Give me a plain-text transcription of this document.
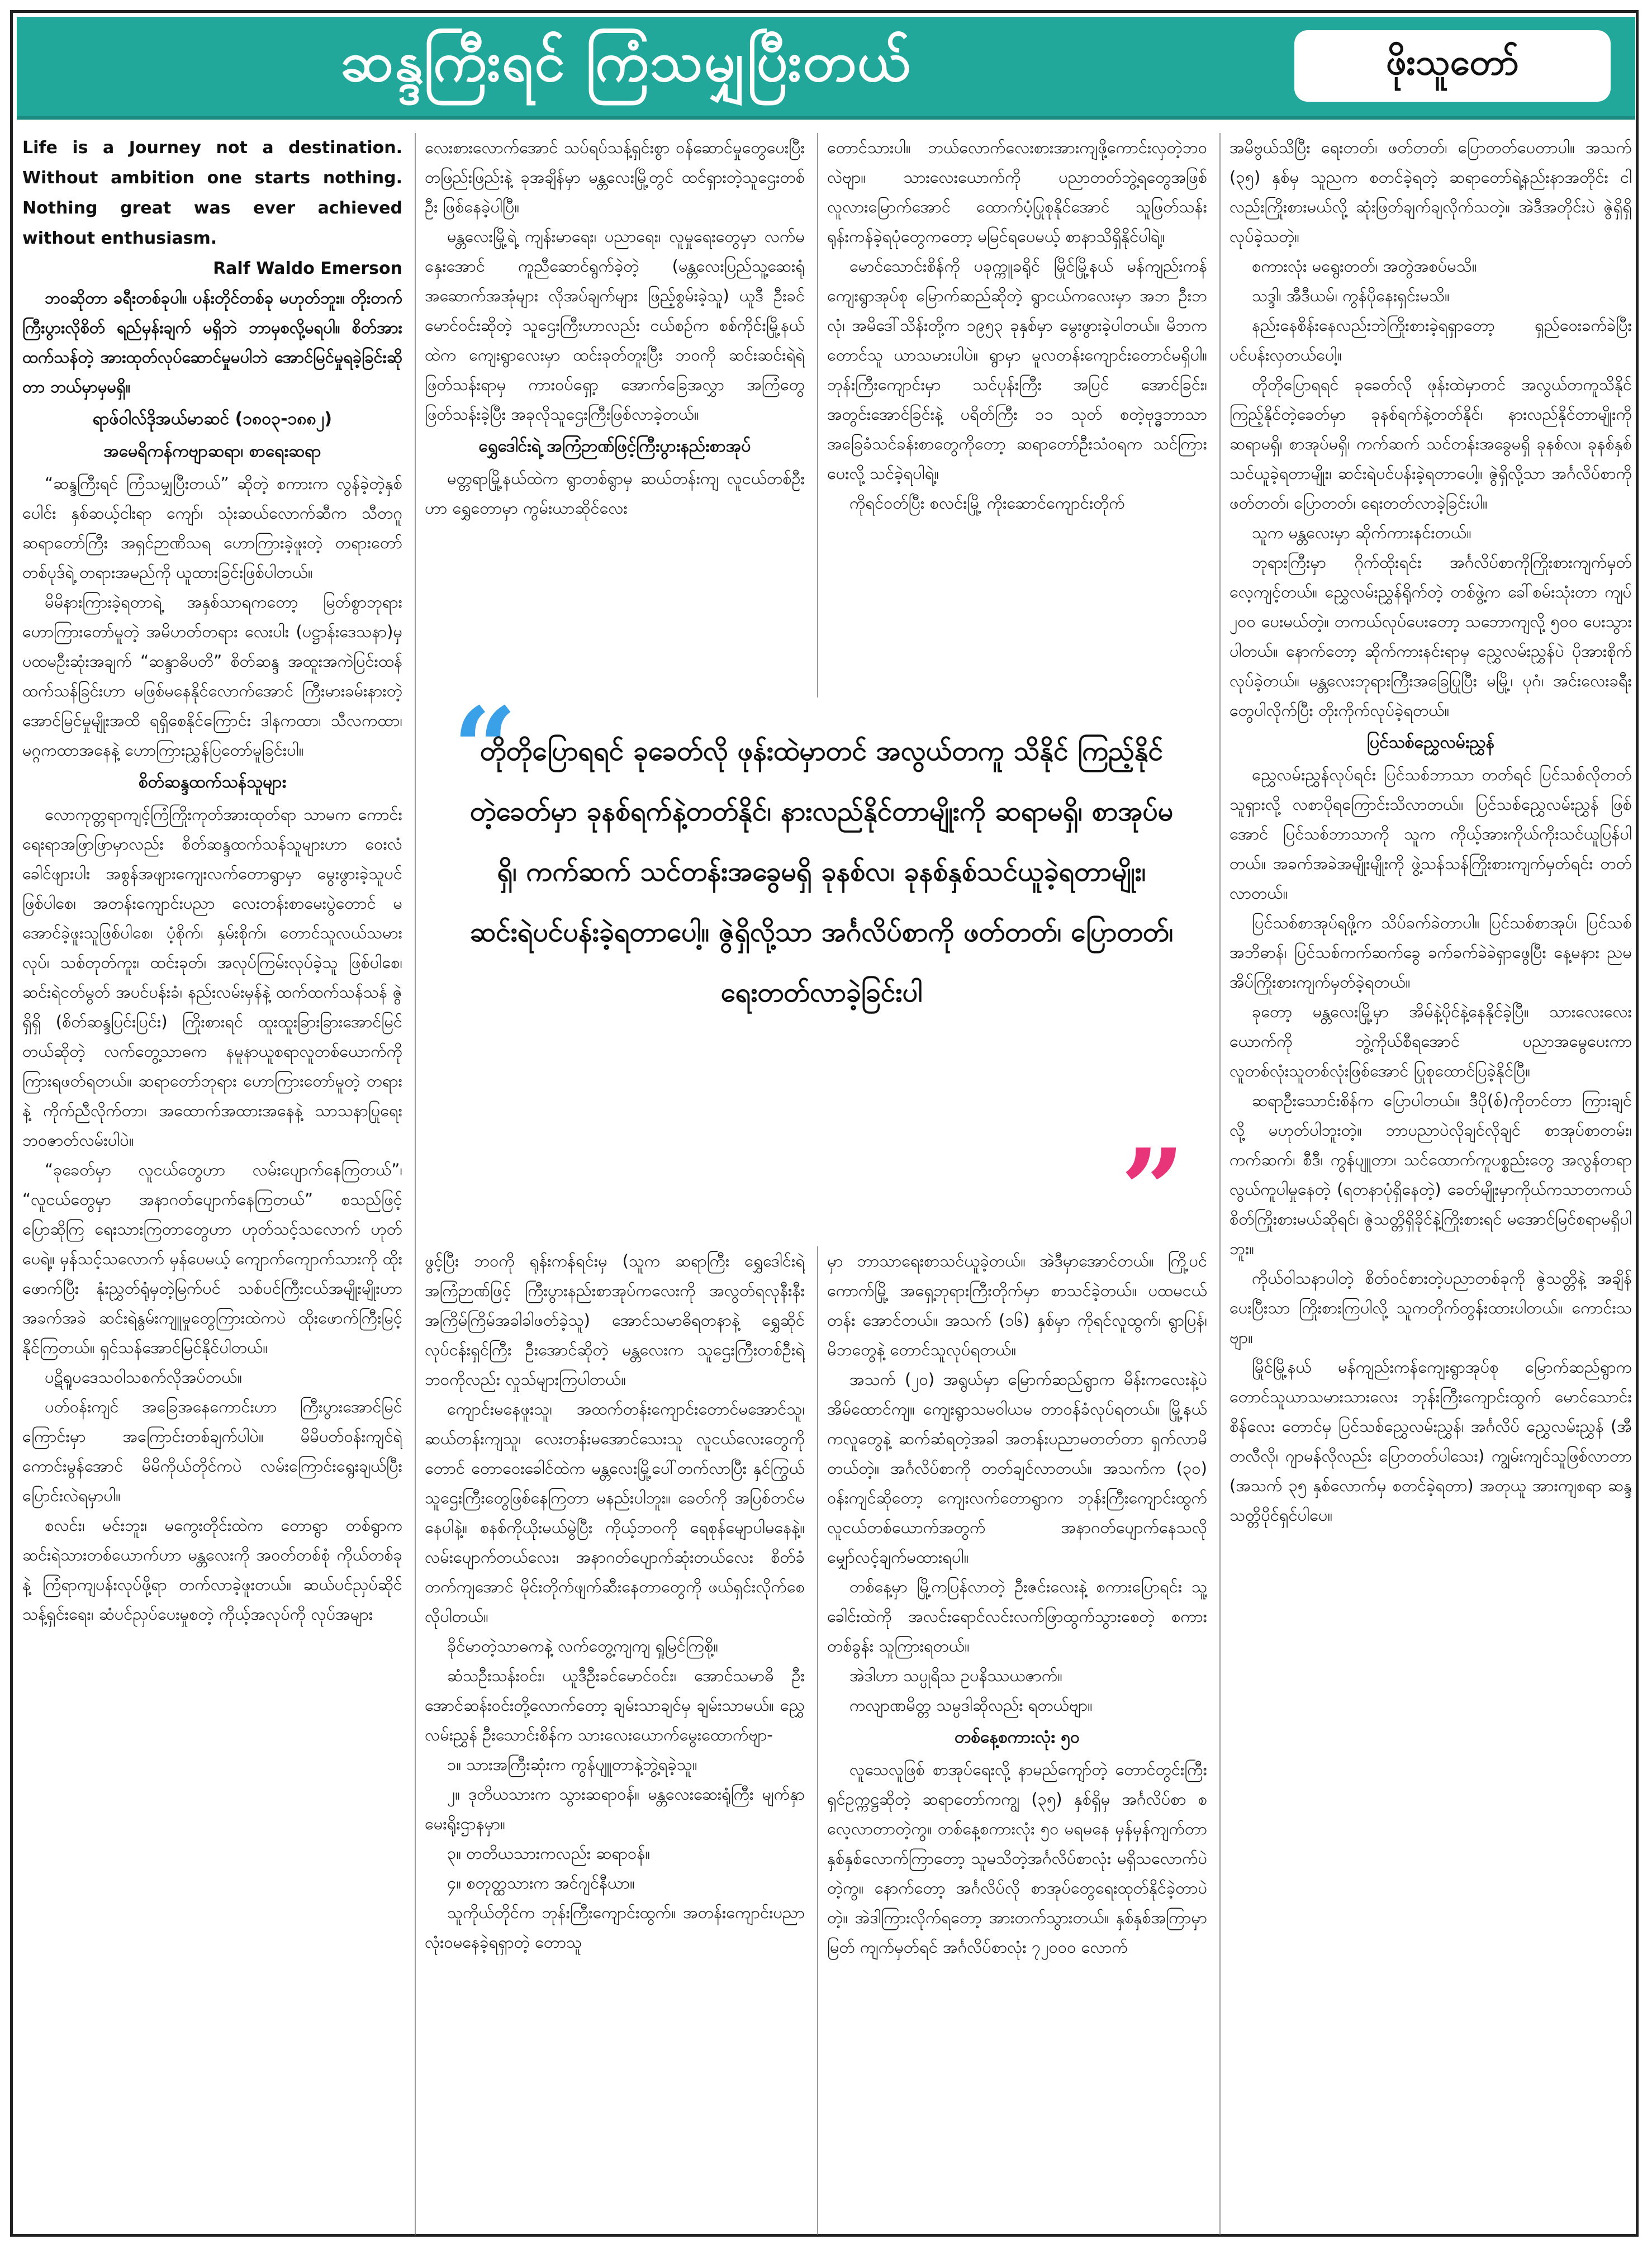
ဆန္ဒကြီးရင် ကြံသမျှပြီးတယ်	ဖိုးသူတော်

Life is a Journey not a destination. Without ambition one starts nothing. Nothing great was ever achieved without enthusiasm.

Ralf Waldo Emerson

ဘဝဆိုတာ ခရီးတစ်ခုပါ။ ပန်းတိုင်တစ်ခု မဟုတ်ဘူး။ တိုးတက်ကြီးပွားလိုစိတ် ရည်မှန်းချက် မရှိဘဲ ဘာမှစလို့မရပါ။ စိတ်အားထက်သန်တဲ့ အားထုတ်လုပ်ဆောင်မှုမပါဘဲ အောင်မြင်မှုရခဲ့ခြင်းဆိုတာ ဘယ်မှာမှမရှိ။

ရာဖ်ဝါလ်ဒိုအယ်မာဆင် (၁၈၀၃-၁၈၈၂)
အမေရိကန်ကဗျာဆရာ၊ စာရေးဆရာ

“ဆန္ဒကြီးရင် ကြံသမျှပြီးတယ်” ဆိုတဲ့ စကားက လွန်ခဲ့တဲ့နှစ်ပေါင်း နှစ်ဆယ့်ငါးရာ ကျော်၊ သုံးဆယ်လောက်ဆီက သီတဂူဆရာတော်ကြီး အရှင်ဉာဏိသရ ဟောကြားခဲ့ဖူးတဲ့ တရားတော်တစ်ပုဒ်ရဲ့ တရားအမည်ကို ယူထားခြင်းဖြစ်ပါတယ်။

မိမိနားကြားခဲ့ရတာရဲ့ အနှစ်သာရကတော့ မြတ်စွာဘုရားဟောကြားတော်မူတဲ့ အမိဟတ်တရား လေးပါး (ပဋ္ဌာန်းဒေသနာ)မှ ပထမဦးဆုံးအချက် “ဆန္ဒာဓိပတိ” စိတ်ဆန္ဒ အထူးအကဲပြင်းထန် ထက်သန်ခြင်းဟာ မဖြစ်မနေနိုင်လောက်အောင် ကြီးမားခမ်းနားတဲ့ အောင်မြင်မှုမျိုးအထိ ရရှိစေနိုင်ကြောင်း ဒါနကထာ၊ သီလကထာ၊ မဂ္ဂကထာအနေနဲ့ ဟောကြားညွှန်ပြတော်မူခြင်းပါ။

စိတ်ဆန္ဒထက်သန်သူများ

လောကုတ္တရာကျင့်ကြံကြိုးကုတ်အားထုတ်ရာ သာမက ကောင်းရေးရာအဖြာဖြာမှာလည်း စိတ်ဆန္ဒထက်သန်သူများဟာ ဝေးလံခေါင်ဖျားပါး အစွန်အဖျားကျေးလက်တောရွာမှာ မွေးဖွားခဲ့သူပင် ဖြစ်ပါစေ၊ အတန်းကျောင်းပညာ လေးတန်းစာမေးပွဲတောင် မအောင်ခဲ့ဖူးသူဖြစ်ပါစေ၊ ပံ့စိုက်၊ နှမ်းစိုက်၊ တောင်သူလယ်သမားလုပ်၊ သစ်တုတ်ကူး၊ ထင်းခုတ်၊ အလုပ်ကြမ်းလုပ်ခဲ့သူ ဖြစ်ပါစေ၊ ဆင်းရဲငတ်မွတ် အပင်ပန်းခံ၊ နည်းလမ်းမှန်နဲ့ ထက်ထက်သန်သန် ဇွဲရှိရှိ (စိတ်ဆန္ဒပြင်းပြင်း) ကြိုးစားရင် ထူးထူးခြားခြားအောင်မြင်တယ်ဆိုတဲ့ လက်တွေ့သာဓက နမူနာယူစရာလူတစ်ယောက်ကို ကြားရဖတ်ရတယ်။ ဆရာတော်ဘုရား ဟောကြားတော်မူတဲ့ တရားနဲ့ ကိုက်ညီလိုက်တာ၊ အထောက်အထားအနေနဲ့ သာသနာပြုရေး ဘဝဇာတ်လမ်းပါပဲ။

“ခုခေတ်မှာ လူငယ်တွေဟာ လမ်းပျောက်နေကြတယ်”၊ “လူငယ်တွေမှာ အနာဂတ်ပျောက်နေကြတယ်” စသည်ဖြင့် ပြောဆိုကြ ရေးသားကြတာတွေဟာ ဟုတ်သင့်သလောက် ဟုတ်ပေရဲ့။ မှန်သင့်သလောက် မှန်ပေမယ့် ကျောက်ကျောက်သားကို ထိုးဖောက်ပြီး နုံးညွှတ်ရုံမှတဲ့မြက်ပင် သစ်ပင်ကြီးငယ်အမျိုးမျိုးဟာ အခက်အခဲ ဆင်းရဲနွမ်းကျူမှုတွေကြားထဲကပဲ ထိုးဖောက်ကြီးမြင့်နိုင်ကြတယ်။ ရှင်သန်အောင်မြင်နိုင်ပါတယ်။

ပဋိရူပဒေသဝါသစက်လိုအပ်တယ်။

ပတ်ဝန်းကျင် အခြေအနေကောင်းဟာ ကြီးပွားအောင်မြင်ကြောင်းမှာ အကြောင်းတစ်ချက်ပါပဲ။ မိမိပတ်ဝန်းကျင်ရဲ့ ကောင်းမွန်အောင် မိမိကိုယ်တိုင်ကပဲ လမ်းကြောင်းရွေးချယ်ပြီး ပြောင်းလဲရမှာပါ။

စလင်း၊ မင်းဘူး၊ မကွေးတိုင်းထဲက တောရွာ တစ်ရွာက ဆင်းရဲသားတစ်ယောက်ဟာ မန္တလေးကို အဝတ်တစ်စုံ ကိုယ်တစ်ခုနဲ့ ကြံရာကျပန်းလုပ်ဖို့ရာ တက်လာခဲ့ဖူးတယ်။ ဆယ်ပင်ညှပ်ဆိုင် သန့်ရှင်းရေး၊ ဆံပင်ညှပ်ပေးမှုစတဲ့ ကိုယ့်အလုပ်ကို လုပ်အများ

လေးစားလောက်အောင် သပ်ရပ်သန့်ရှင်းစွာ ဝန်ဆောင်မှုတွေပေးပြီး တဖြည်းဖြည်းနဲ့ ခုအချိန်မှာ မန္တလေးမြို့တွင် ထင်ရှားတဲ့သူဌေးတစ်ဦး ဖြစ်နေခဲ့ပါပြီ။

မန္တလေးမြို့ရဲ့ ကျန်းမာရေး၊ ပညာရေး၊ လူမှုရေးတွေမှာ လက်မနှေးအောင် ကူညီဆောင်ရွက်ခဲ့တဲ့ (မန္တလေးပြည်သူ့ဆေးရုံအဆောက်အအုံများ လိုအပ်ချက်များ ဖြည့်စွမ်းခဲ့သူ) ယူဒီ ဦးခင်မောင်ဝင်းဆိုတဲ့ သူဌေးကြီးဟာလည်း ငယ်စဉ်က စစ်ကိုင်းမြို့နယ်ထဲက ကျေးရွာလေးမှာ ထင်းခုတ်တူးပြီး ဘဝကို ဆင်းဆင်းရဲရဲဖြတ်သန်းရာမှ ကားဝပ်ရှော့ အောက်ခြေအလွှာ အကြံတွေ ဖြတ်သန်းခဲ့ပြီး အခုလိုသူဌေးကြီးဖြစ်လာခဲ့တယ်။

ရွှေဒေါင်းရဲ့ အကြံဉာဏ်ဖြင့်ကြီးပွားနည်းစာအုပ်

မတ္တရာမြို့နယ်ထဲက ရွာတစ်ရွာမှ ဆယ်တန်းကျ လူငယ်တစ်ဦးဟာ ရွှေတောမှာ ကွမ်းယာဆိုင်လေး

တောင်သားပါ။ ဘယ်လောက်လေးစားအားကျဖို့ကောင်းလှတဲ့ဘဝလဲဗျာ။ သားလေးယောက်ကို ပညာတတ်ဘွဲ့ရတွေအဖြစ် လူလားမြောက်အောင် ထောက်ပံ့ပြုစုနိုင်အောင် သူဖြတ်သန်းရုန်းကန်ခဲ့ရပုံတွေကတော့ မမြင်ရပေမယ့် စာနာသိရှိနိုင်ပါရဲ့။

မောင်သောင်းစိန်ကို ပခုက္ကူခရိုင် မြိုင်မြို့နယ် မန်ကျည်းကန်ကျေးရွာအုပ်စု မြောက်ဆည်ဆိုတဲ့ ရွာငယ်ကလေးမှာ အဘ ဦးဘလုံ၊ အမိဒေါ်သိန်းတို့က ၁၉၅၃ ခုနှစ်မှာ မွေးဖွားခဲ့ပါတယ်။ မိဘက တောင်သူ ယာသမားပါပဲ။ ရွာမှာ မူလတန်းကျောင်းတောင်မရှိပါ။ ဘုန်းကြီးကျောင်းမှာ သင်ပုန်းကြီး အပြင် အောင်ခြင်း၊ အတွင်းအောင်ခြင်းနဲ့ ပရိတ်ကြီး ၁၁ သုတ် စတဲ့ဗုဒ္ဓဘာသာ အခြေခံသင်ခန်းစာတွေကိုတော့ ဆရာတော်ဦးသံဝရက သင်ကြားပေးလို့ သင်ခဲ့ရပါရဲ့။

ကိုရင်ဝတ်ပြီး စလင်းမြို့ ကိုးဆောင်ကျောင်းတိုက်

အမိဗွယ်သိပြီး ရေးတတ်၊ ဖတ်တတ်၊ ပြောတတ်ပေတာပါ။ အသက် (၃၅) နှစ်မှ သူညက စတင်ခဲ့ရတဲ့ ဆရာတော်ရဲ့နည်းနာအတိုင်း ငါလည်းကြိုးစားမယ်လို့ ဆုံးဖြတ်ချက်ချလိုက်သတဲ့။ အဲဒီအတိုင်းပဲ ဇွဲရှိရှိလုပ်ခဲ့သတဲ့။

စကားလုံး မရွေးတတ်၊ အတွဲအစပ်မသိ။

သဒ္ဒါ၊ အီဒီယမ်၊ ကွန်ပိုနေးရှင်းမသိ။

နည်းနေစိန်းနေလည်းဘဲကြိုးစားခဲ့ရရှာတော့ ရှည်ဝေးခက်ခဲပြီး ပင်ပန်းလှတယ်ပေါ့။

တိုတိုပြောရရင် ခုခေတ်လို ဖုန်းထဲမှာတင် အလွယ်တကူသိနိုင် ကြည့်နိုင်တဲ့ခေတ်မှာ ခုနစ်ရက်နဲ့တတ်နိုင်၊ နားလည်နိုင်တာမျိုးကို ဆရာမရှိ၊ စာအုပ်မရှိ၊ ကက်ဆက် သင်တန်းအခွေမရှိ ခုနစ်လ၊ ခုနစ်နှစ်သင်ယူခဲ့ရတာမျိုး၊ ဆင်းရဲပင်ပန်းခဲ့ရတာပေါ့။ ဇွဲရှိလို့သာ အင်္ဂလိပ်စာကို ဖတ်တတ်၊ ပြောတတ်၊ ရေးတတ်လာခဲ့ခြင်းပါ။

သူက မန္တလေးမှာ ဆိုက်ကားနင်းတယ်။

ဘုရားကြီးမှာ ဂိုက်ထိုးရင်း အင်္ဂလိပ်စာကိုကြိုးစားကျက်မှတ်လေ့ကျင့်တယ်။ ညွှေလမ်းညွှန်ရိုက်တဲ့ တစ်ဖွဲ့က ခေါ်စမ်းသုံးတာ ကျပ် ၂၀၀ ပေးမယ်တဲ့။ တကယ်လုပ်ပေးတော့ သဘောကျလို့ ၅၀၀ ပေးသွားပါတယ်။ နောက်တော့ ဆိုက်ကားနင်းရာမှ ညွှေလမ်းညွှန်ပဲ ပိုအားစိုက်လုပ်ခဲ့တယ်။ မန္တလေးဘုရားကြီးအခြေပြုပြီး မမြို့၊ ပုဂံ၊ အင်းလေးခရီးတွေပါလိုက်ပြီး တိုးကိုက်လုပ်ခဲ့ရတယ်။

ပြင်သစ်ညွှေလမ်းညွှန်

ညွှေလမ်းညွှန်လုပ်ရင်း ပြင်သစ်ဘာသာ တတ်ရင် ပြင်သစ်လိုတတ်သူရှားလို့ လစာပိုရကြောင်းသိလာတယ်။ ပြင်သစ်ညွှေလမ်းညွှန် ဖြစ်အောင် ပြင်သစ်ဘာသာကို သူက ကိုယ့်အားကိုယ်ကိုးသင်ယူပြန်ပါတယ်။ အခက်အခဲအမျိုးမျိုးကို ဖွဲ့သန်သန်ကြိုးစားကျက်မှတ်ရင်း တတ်လာတယ်။

ပြင်သစ်စာအုပ်ရဖို့က သိပ်ခက်ခဲတာပါ။ ပြင်သစ်စာအုပ်၊ ပြင်သစ်အဘိဓာန်၊ ပြင်သစ်ကက်ဆက်ခွေ ခက်ခက်ခဲခဲရှာဖွေပြီး နေ့မနား ညမအိပ်ကြိုးစားကျက်မှတ်ခဲ့ရတယ်။

ခုတော့ မန္တလေးမြို့မှာ အိမ်နဲ့ပိုင်နဲ့နေနိုင်ခဲ့ပြီ။ သားလေးလေးယောက်ကို ဘွဲ့ကိုယ်စီရအောင် ပညာအမွေပေးကာ လူတစ်လုံးသူတစ်လုံးဖြစ်အောင် ပြုစုထောင်ပြခဲ့နိုင်ပြီ။

ဆရာဦးသောင်းစိန်က ပြောပါတယ်။ ဒီပို(စ်)ကိုတင်တာ ကြားချင်လို့ မဟုတ်ပါဘူးတဲ့။ ဘာပညာပဲလိုချင်လိုချင် စာအုပ်စာတမ်း၊ ကက်ဆက်၊ စီဒီ၊ ကွန်ပျူတာ၊ သင်ထောက်ကူပစ္စည်းတွေ အလွန်တရာလွယ်ကူပါမှုနေတဲ့ (ရတနာပုံရှိနေတဲ့) ခေတ်မျိုးမှာကိုယ်ကသာတကယ်စိတ်ကြိုးစားမယ်ဆိုရင်၊ ဇွဲသတ္တိရှိခိုင်နဲ့ကြိုးစားရင် မအောင်မြင်စရာမရှိပါဘူး။

ကိုယ်ဝါသနာပါတဲ့ စိတ်ဝင်စားတဲ့ပညာတစ်ခုကို ဇွဲသတ္တိနဲ့ အချိန်ပေးပြီးသာ ကြိုးစားကြပါလို့ သူကတိုက်တွန်းထားပါတယ်။ ကောင်းသဗျာ။

မြိုင်မြို့နယ် မန်ကျည်းကန်ကျေးရွာအုပ်စု မြောက်ဆည်ရွာက တောင်သူယာသမားသားလေး ဘုန်းကြီးကျောင်းထွက် မောင်သောင်းစိန်လေး တောင်မှ ပြင်သစ်ညွှေလမ်းညွှန်၊ အင်္ဂလိပ် ညွှေလမ်းညွှန် (အီတလီလို၊ ဂျာမန်လိုလည်း ပြောတတ်ပါသေး) ကျွမ်းကျင်သူဖြစ်လာတာ (အသက် ၃၅ နှစ်လောက်မှ စတင်ခဲ့ရတာ) အတုယူ အားကျစရာ ဆန္ဒသတ္တိပိုင်ရှင်ပါပေ။

“
တိုတိုပြောရရင် ခုခေတ်လို ဖုန်းထဲမှာတင် အလွယ်တကူ သိနိုင် ကြည့်နိုင်တဲ့ခေတ်မှာ ခုနစ်ရက်နဲ့တတ်နိုင်၊ နားလည်နိုင်တာမျိုးကို ဆရာမရှိ၊ စာအုပ်မရှိ၊ ကက်ဆက် သင်တန်းအခွေမရှိ ခုနစ်လ၊ ခုနစ်နှစ်သင်ယူခဲ့ရတာမျိုး၊ ဆင်းရဲပင်ပန်းခဲ့ရတာပေါ့။ ဇွဲရှိလို့သာ အင်္ဂလိပ်စာကို ဖတ်တတ်၊ ပြောတတ်၊ ရေးတတ်လာခဲ့ခြင်းပါ
”

ဖွင့်ပြီး ဘဝကို ရုန်းကန်ရင်းမှ (သူက ဆရာကြီး ရွှေဒေါင်းရဲ့ အကြံဉာဏ်ဖြင့် ကြီးပွားနည်းစာအုပ်ကလေးကို အလွတ်ရလုနီးနီး အကြိမ်ကြိမ်အခါခါဖတ်ခဲ့သူ) အောင်သမာဓိရတနာနဲ့ ရွှေဆိုင်လုပ်ငန်းရှင်ကြီး ဦးအောင်ဆိုတဲ့ မန္တလေးက သူဌေးကြီးတစ်ဦးရဲ့ ဘဝကိုလည်း လှုသ်များကြပါတယ်။

ကျောင်းမနေဖူးသူ၊ အထက်တန်းကျောင်းတောင်မအောင်သူ၊ ဆယ်တန်းကျသူ၊ လေးတန်းမအောင်သေးသူ လူငယ်လေးတွေကိုတောင် တောဝေးခေါင်ထဲက မန္တလေးမြို့ပေါ်တက်လာပြီး နှင်ကြွယ်သူဌေးကြီးတွေဖြစ်နေကြတာ မနည်းပါဘူး။ ခေတ်ကို အပြစ်တင်မနေပါနဲ့။ စနစ်ကိုယိုးမယ်မွဲပြီး ကိုယ့်ဘဝကို ရေစုန်မျောပါမနေနဲ့။ လမ်းပျောက်တယ်လေး၊ အနာဂတ်ပျောက်ဆုံးတယ်လေး စိတ်ခံတက်ကျအောင် မိုင်းတိုက်ဖျက်ဆီးနေတာတွေကို ဖယ်ရှင်းလိုက်စေလိုပါတယ်။

ခိုင်မာတဲ့သာဓကနဲ့ လက်တွေ့ကျကျ ရှုမြင်ကြစို့။

ဆံသဦးသန်းဝင်း၊ ယူဒီဦးခင်မောင်ဝင်း၊ အောင်သမာဓိ ဦးအောင်ဆန်းဝင်းတို့လောက်တော့ ချမ်းသာချင်မှ ချမ်းသာမယ်။ ညွှေလမ်းညွှန် ဦးသောင်းစိန်က သားလေးယောက်မွေးထောက်ဗျာ-

၁။ သားအကြီးဆုံးက ကွန်ပျူတာနဲ့ဘွဲ့ရခဲ့သူ။

၂။ ဒုတိယသားက သွားဆရာဝန်။ မန္တလေးဆေးရုံကြီး မျက်နှာမေးရိုးဌာနမှာ။

၃။ တတိယသားကလည်း ဆရာဝန်။

၄။ စတုတ္ထသားက အင်ဂျင်နီယာ။

သူကိုယ်တိုင်က ဘုန်းကြီးကျောင်းထွက်။ အတန်းကျောင်းပညာလုံးဝမနေခဲ့ရရှာတဲ့ တောသူ

မှာ ဘာသာရေးစာသင်ယူခဲ့တယ်။ အဲဒီမှာအောင်တယ်။ ကြို့ပင်ကောက်မြို့ အရှေ့ဘုရားကြီးတိုက်မှာ စာသင်ခဲ့တယ်။ ပထမငယ်တန်း အောင်တယ်။ အသက် (၁၆) နှစ်မှာ ကိုရင်လူထွက်၊ ရွာပြန်၊ မိဘတွေနဲ့ တောင်သူလုပ်ရတယ်။

အသက် (၂၀) အရွယ်မှာ မြောက်ဆည်ရွာက မိန်းကလေးနဲ့ပဲ အိမ်ထောင်ကျ။ ကျေးရွာသမဝါယမ တာဝန်ခံလုပ်ရတယ်။ မြို့နယ်ကလူတွေနဲ့ ဆက်ဆံရတဲ့အခါ အတန်းပညာမတတ်တာ ရှက်လာမိတယ်တဲ့။ အင်္ဂလိပ်စာကို တတ်ချင်လာတယ်။ အသက်က (၃၀) ဝန်းကျင်ဆိုတော့ ကျေးလက်တောရွာက ဘုန်းကြီးကျောင်းထွက် လူငယ်တစ်ယောက်အတွက် အနာဂတ်ပျောက်နေသလို မျှော်လင့်ချက်မထားရပါ။

တစ်နေ့မှာ မြို့ကပြန်လာတဲ့ ဦးဇင်းလေးနဲ့ စကားပြောရင်း သူ့ခေါင်းထဲကို အလင်းရောင်လင်းလက်ဖြာထွက်သွားစေတဲ့ စကားတစ်ခွန်း သူကြားရတယ်။

အဲဒါဟာ သပ္ပုရိသ ဥပနိဿယဇာက်။

ကလျာဏမိတ္တ သမ္ပဒါဆိုလည်း ရတယ်ဗျာ။

တစ်နေ့စကားလုံး ၅၀

လူသေလူဖြစ် စာအုပ်ရေးလို့ နာမည်ကျော်တဲ့ တောင်တွင်းကြီးရှင်ဥက္ကဋ္ဌဆိုတဲ့ ဆရာတော်ကကျွ (၃၅) နှစ်ရှိမှ အင်္ဂလိပ်စာ စလေ့လာတာတဲ့ကွ။ တစ်နေ့စကားလုံး ၅၀ မရမနေ မှန်မှန်ကျက်တာ နှစ်နှစ်လောက်ကြာတော့ သူမသိတဲ့အင်္ဂလိပ်စာလုံး မရှိသလောက်ပဲတဲ့ကွ။ နောက်တော့ အင်္ဂလိပ်လို စာအုပ်တွေရေးထုတ်နိုင်ခဲ့တာပဲတဲ့။ အဲဒါကြားလိုက်ရတော့ အားတက်သွားတယ်။ နှစ်နှစ်အကြာမှာမြတ် ကျက်မှတ်ရင် အင်္ဂလိပ်စာလုံး ၇၂၀၀၀ လောက်
